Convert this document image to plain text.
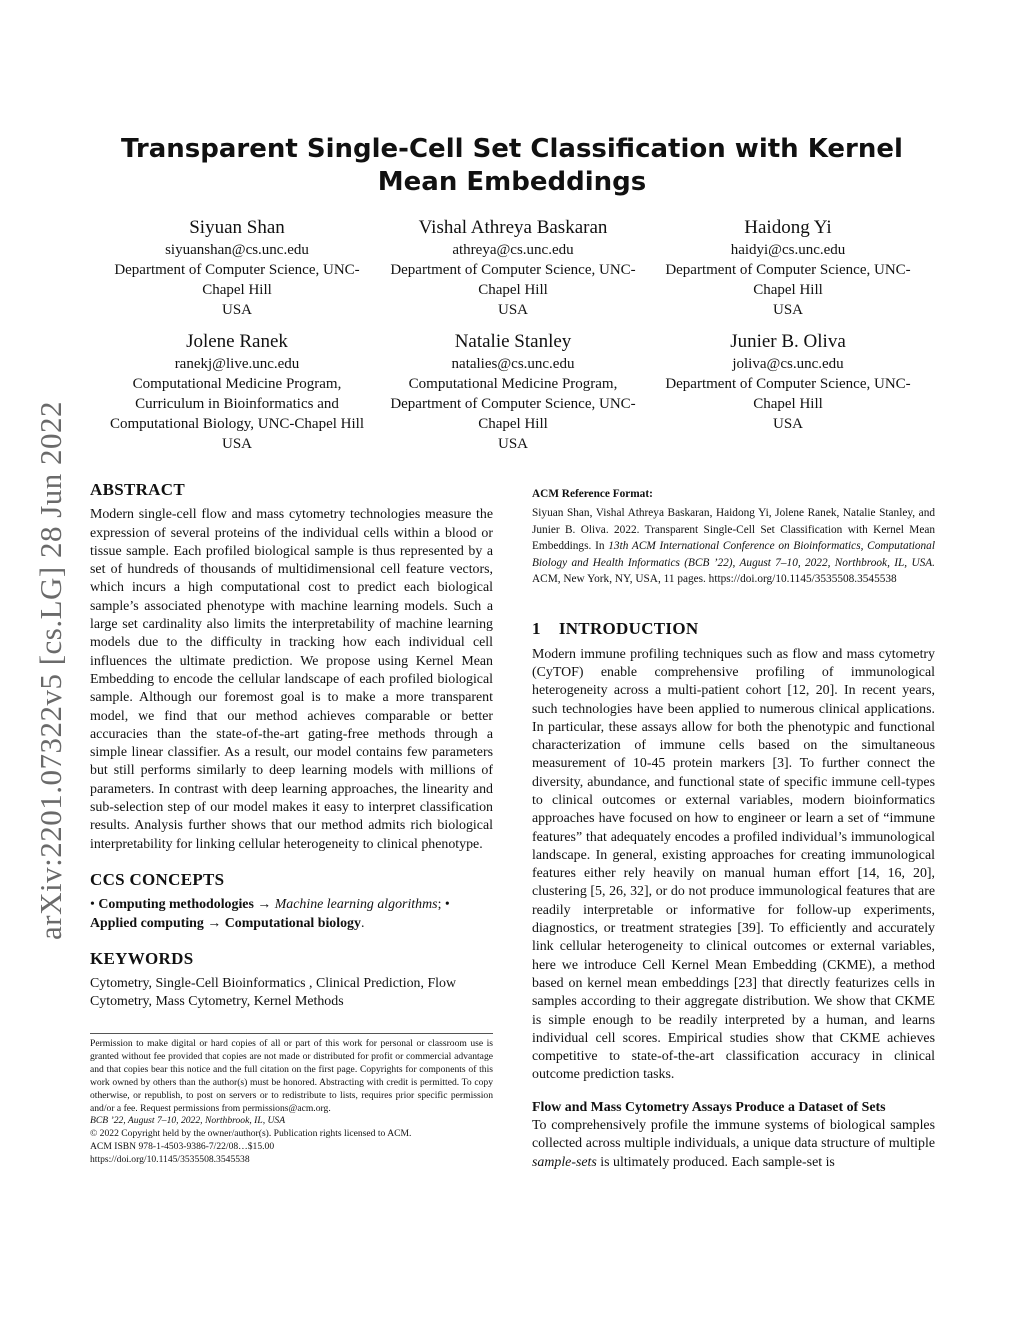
arXiv:2201.07322v5 [cs.LG] 28 Jun 2022
Transparent Single-Cell Set Classification with Kernel Mean Embeddings
Siyuan Shan
siyuanshan@cs.unc.edu
Department of Computer Science, UNC-Chapel Hill
USA
Vishal Athreya Baskaran
athreya@cs.unc.edu
Department of Computer Science, UNC-Chapel Hill
USA
Haidong Yi
haidyi@cs.unc.edu
Department of Computer Science, UNC-Chapel Hill
USA
Jolene Ranek
ranekj@live.unc.edu
Computational Medicine Program, Curriculum in Bioinformatics and Computational Biology, UNC-Chapel Hill
USA
Natalie Stanley
natalies@cs.unc.edu
Computational Medicine Program, Department of Computer Science, UNC-Chapel Hill
USA
Junier B. Oliva
joliva@cs.unc.edu
Department of Computer Science, UNC-Chapel Hill
USA
ABSTRACT
Modern single-cell flow and mass cytometry technologies measure the expression of several proteins of the individual cells within a blood or tissue sample. Each profiled biological sample is thus represented by a set of hundreds of thousands of multidimensional cell feature vectors, which incurs a high computational cost to predict each biological sample’s associated phenotype with machine learning models. Such a large set cardinality also limits the interpretability of machine learning models due to the difficulty in tracking how each individual cell influences the ultimate prediction. We propose using Kernel Mean Embedding to encode the cellular landscape of each profiled biological sample. Although our foremost goal is to make a more transparent model, we find that our method achieves comparable or better accuracies than the state-of-the-art gating-free methods through a simple linear classifier. As a result, our model contains few parameters but still performs similarly to deep learning models with millions of parameters. In contrast with deep learning approaches, the linearity and sub-selection step of our model makes it easy to interpret classification results. Analysis further shows that our method admits rich biological interpretability for linking cellular heterogeneity to clinical phenotype.
CCS CONCEPTS
• Computing methodologies → Machine learning algorithms; • Applied computing → Computational biology.
KEYWORDS
Cytometry, Single-Cell Bioinformatics , Clinical Prediction, Flow Cytometry, Mass Cytometry, Kernel Methods
Permission to make digital or hard copies of all or part of this work for personal or classroom use is granted without fee provided that copies are not made or distributed for profit or commercial advantage and that copies bear this notice and the full citation on the first page. Copyrights for components of this work owned by others than the author(s) must be honored. Abstracting with credit is permitted. To copy otherwise, or republish, to post on servers or to redistribute to lists, requires prior specific permission and/or a fee. Request permissions from permissions@acm.org.
BCB ’22, August 7–10, 2022, Northbrook, IL, USA
© 2022 Copyright held by the owner/author(s). Publication rights licensed to ACM.
ACM ISBN 978-1-4503-9386-7/22/08…$15.00
https://doi.org/10.1145/3535508.3545538
ACM Reference Format:
Siyuan Shan, Vishal Athreya Baskaran, Haidong Yi, Jolene Ranek, Natalie Stanley, and Junier B. Oliva. 2022. Transparent Single-Cell Set Classification with Kernel Mean Embeddings. In 13th ACM International Conference on Bioinformatics, Computational Biology and Health Informatics (BCB ’22), August 7–10, 2022, Northbrook, IL, USA. ACM, New York, NY, USA, 11 pages. https://doi.org/10.1145/3535508.3545538
1 INTRODUCTION
Modern immune profiling techniques such as flow and mass cytometry (CyTOF) enable comprehensive profiling of immunological heterogeneity across a multi-patient cohort [12, 20]. In recent years, such technologies have been applied to numerous clinical applications. In particular, these assays allow for both the phenotypic and functional characterization of immune cells based on the simultaneous measurement of 10-45 protein markers [3]. To further connect the diversity, abundance, and functional state of specific immune cell-types to clinical outcomes or external variables, modern bioinformatics approaches have focused on how to engineer or learn a set of “immune features” that adequately encodes a profiled individual’s immunological landscape. In general, existing approaches for creating immunological features either rely heavily on manual human effort [14, 16, 20], clustering [5, 26, 32], or do not produce immunological features that are readily interpretable or informative for follow-up experiments, diagnostics, or treatment strategies [39]. To efficiently and accurately link cellular heterogeneity to clinical outcomes or external variables, here we introduce Cell Kernel Mean Embedding (CKME), a method based on kernel mean embeddings [23] that directly featurizes cells in samples according to their aggregate distribution. We show that CKME is simple enough to be readily interpreted by a human, and learns individual cell scores. Empirical studies show that CKME achieves competitive to state-of-the-art classification accuracy in clinical outcome prediction tasks.
Flow and Mass Cytometry Assays Produce a Dataset of Sets
To comprehensively profile the immune systems of biological samples collected across multiple individuals, a unique data structure of multiple sample-sets is ultimately produced. Each sample-set is
